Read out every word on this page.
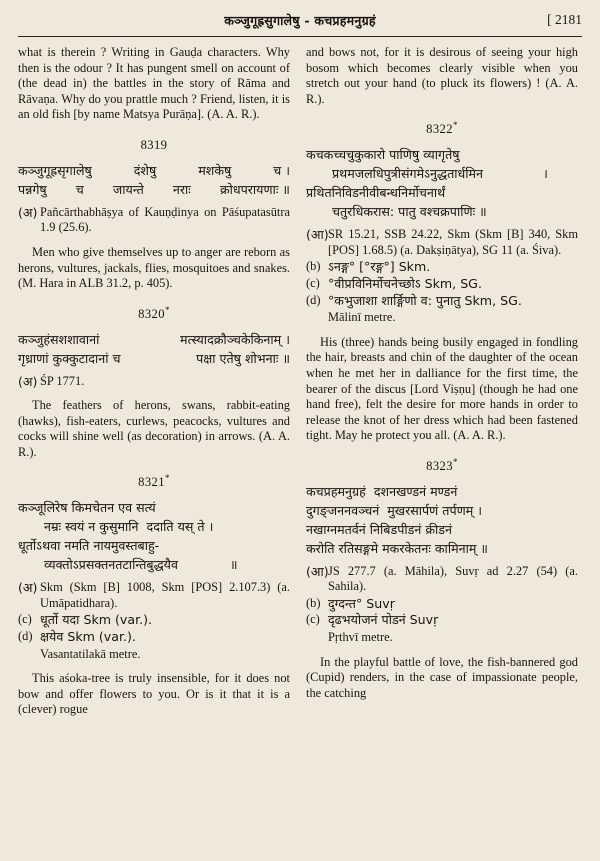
कञ्जुगूह्रसुगालेषु - कचप्रहमनुग्रहं	[ 2181

what is therein ? Writing in Gauḍa characters. Why then is the odour ? It has pungent smell on account of (the dead in) the battles in the story of Rāma and Rāvaṇa. Why do you prattle much ? Friend, listen, it is an old fish [by name Matsya Purāṇa]. (A. A. R.).

8319
कञ्जुगूह्रसृगालेषु	दंशेषु	मशकेषु	च ।
पन्नगेषु च जायन्ते नराः क्रोधपरायणाः ॥
(अ) Pañcārthabhāṣya of Kauṇḍinya on Pāśupatasūtra 1.9 (25.6).

Men who give themselves up to anger are reborn as herons, vultures, jackals, flies, mosquitoes and snakes. (M. Hara in ALB 31.2, p. 405).

8320*
कञ्जुहंसशशावानां	मत्स्यादक्रौञ्चकेकिनाम् ।
गृध्राणां कुक्कुटादानां च	पक्षा एतेषु शोभनाः ॥
(अ) ŚP 1771.

The feathers of herons, swans, rabbit-eating (hawks), fish-eaters, curlews, peacocks, vultures and cocks will shine well (as decoration) in arrows. (A. A. R.).

8321*
कञ्जूलिरेष किमचेतन एव सत्यं
नम्रः स्वयं न कुसुमानि  ददाति यस् ते ।
धूर्तोऽथवा नमति नायमुवस्तबाहु-
व्यक्तोऽप्रसक्तनतटान्तिबुद्धयैव             ॥
(अ) Skm (Skm [B] 1008, Skm [POS] 2.107.3) (a. Umāpatidhara).
(c) धूर्तो यदा Skm (var.).
(d) क्षयेव Skm (var.).
Vasantatilakā metre.

This aśoka-tree is truly insensible, for it does not bow and offer flowers to you. Or is it that it is a (clever) rogue

and bows not, for it is desirous of seeing your high bosom which becomes clearly visible when you stretch out your hand (to pluck its flowers) ! (A. A. R.).

8322*
कचकच्चचुकुकारो पाणिषु व्यागृतेषु
प्रथमजलधिपुत्रीसंगमेऽनुद्धतार्धमिन               ।
प्रथितनिविडनीवीबन्धनिर्मोचनार्थं
चतुरधिकरास: पातु वश्चक्रपाणिः ॥
(आ) SR 15.21, SSB 24.22, Skm (Skm [B] 340, Skm [POS] 1.68.5) (a. Dakṣiṇātya), SG 11 (a. Śiva).
(b) ऽनङ्ग° [°रङ्ग°] Skm.
(c) °वीप्रविनिर्मोचनेच्छोऽ Skm, SG.
(d) °कभुजाशा शार्ङ्गिणो व: पुनातु Skm, SG.
Mālinī metre.

His (three) hands being busily engaged in fondling the hair, breasts and chin of the daughter of the ocean when he met her in dalliance for the first time, the bearer of the discus [Lord Viṣṇu] (though he had one hand free), felt the desire for more hands in order to release the knot of her dress which had been fastened tight. May he protect you all. (A. A. R.).

8323*
कचप्रहमनुग्रहं  दशनखण्डनं मण्डनं
दुगङ्जननवञ्चनं  मुखरसार्पणं तर्पणम् ।
नखाग्नमतर्वनं निबिडपीडनं क्रीडनं
करोति रतिसङ्गमे मकरकेतनः कामिनाम् ॥
(आ) JS 277.7 (a. Māhila), Suvṛ ad 2.27 (54) (a. Sahila).
(b) दुग्दन्त° Suvṛ
(c) दृढभयोजनं पोडनं Suvṛ
Pṛthvī metre.

In the playful battle of love, the fish-bannered god (Cupid) renders, in the case of impassionate people, the catching
